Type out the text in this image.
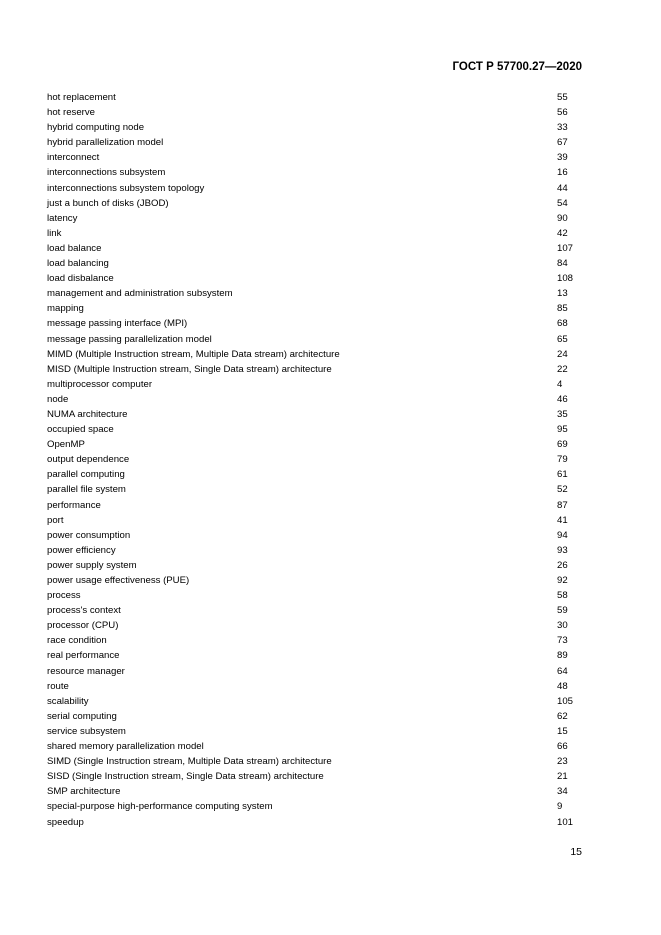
ГОСТ Р 57700.27—2020
hot replacement	55
hot reserve	56
hybrid computing node	33
hybrid parallelization model	67
interconnect	39
interconnections subsystem	16
interconnections subsystem topology	44
just a bunch of disks (JBOD)	54
latency	90
link	42
load balance	107
load balancing	84
load disbalance	108
management and administration subsystem	13
mapping	85
message passing interface (MPI)	68
message passing parallelization model	65
MIMD (Multiple Instruction stream, Multiple Data stream) architecture	24
MISD (Multiple Instruction stream, Single Data stream) architecture	22
multiprocessor computer	4
node	46
NUMA architecture	35
occupied space	95
OpenMP	69
output dependence	79
parallel computing	61
parallel file system	52
performance	87
port	41
power consumption	94
power efficiency	93
power supply system	26
power usage effectiveness (PUE)	92
process	58
process's context	59
processor (CPU)	30
race condition	73
real performance	89
resource manager	64
route	48
scalability	105
serial computing	62
service subsystem	15
shared memory parallelization model	66
SIMD (Single Instruction stream, Multiple Data stream) architecture	23
SISD (Single Instruction stream, Single Data stream) architecture	21
SMP architecture	34
special-purpose high-performance computing system	9
speedup	101
15
